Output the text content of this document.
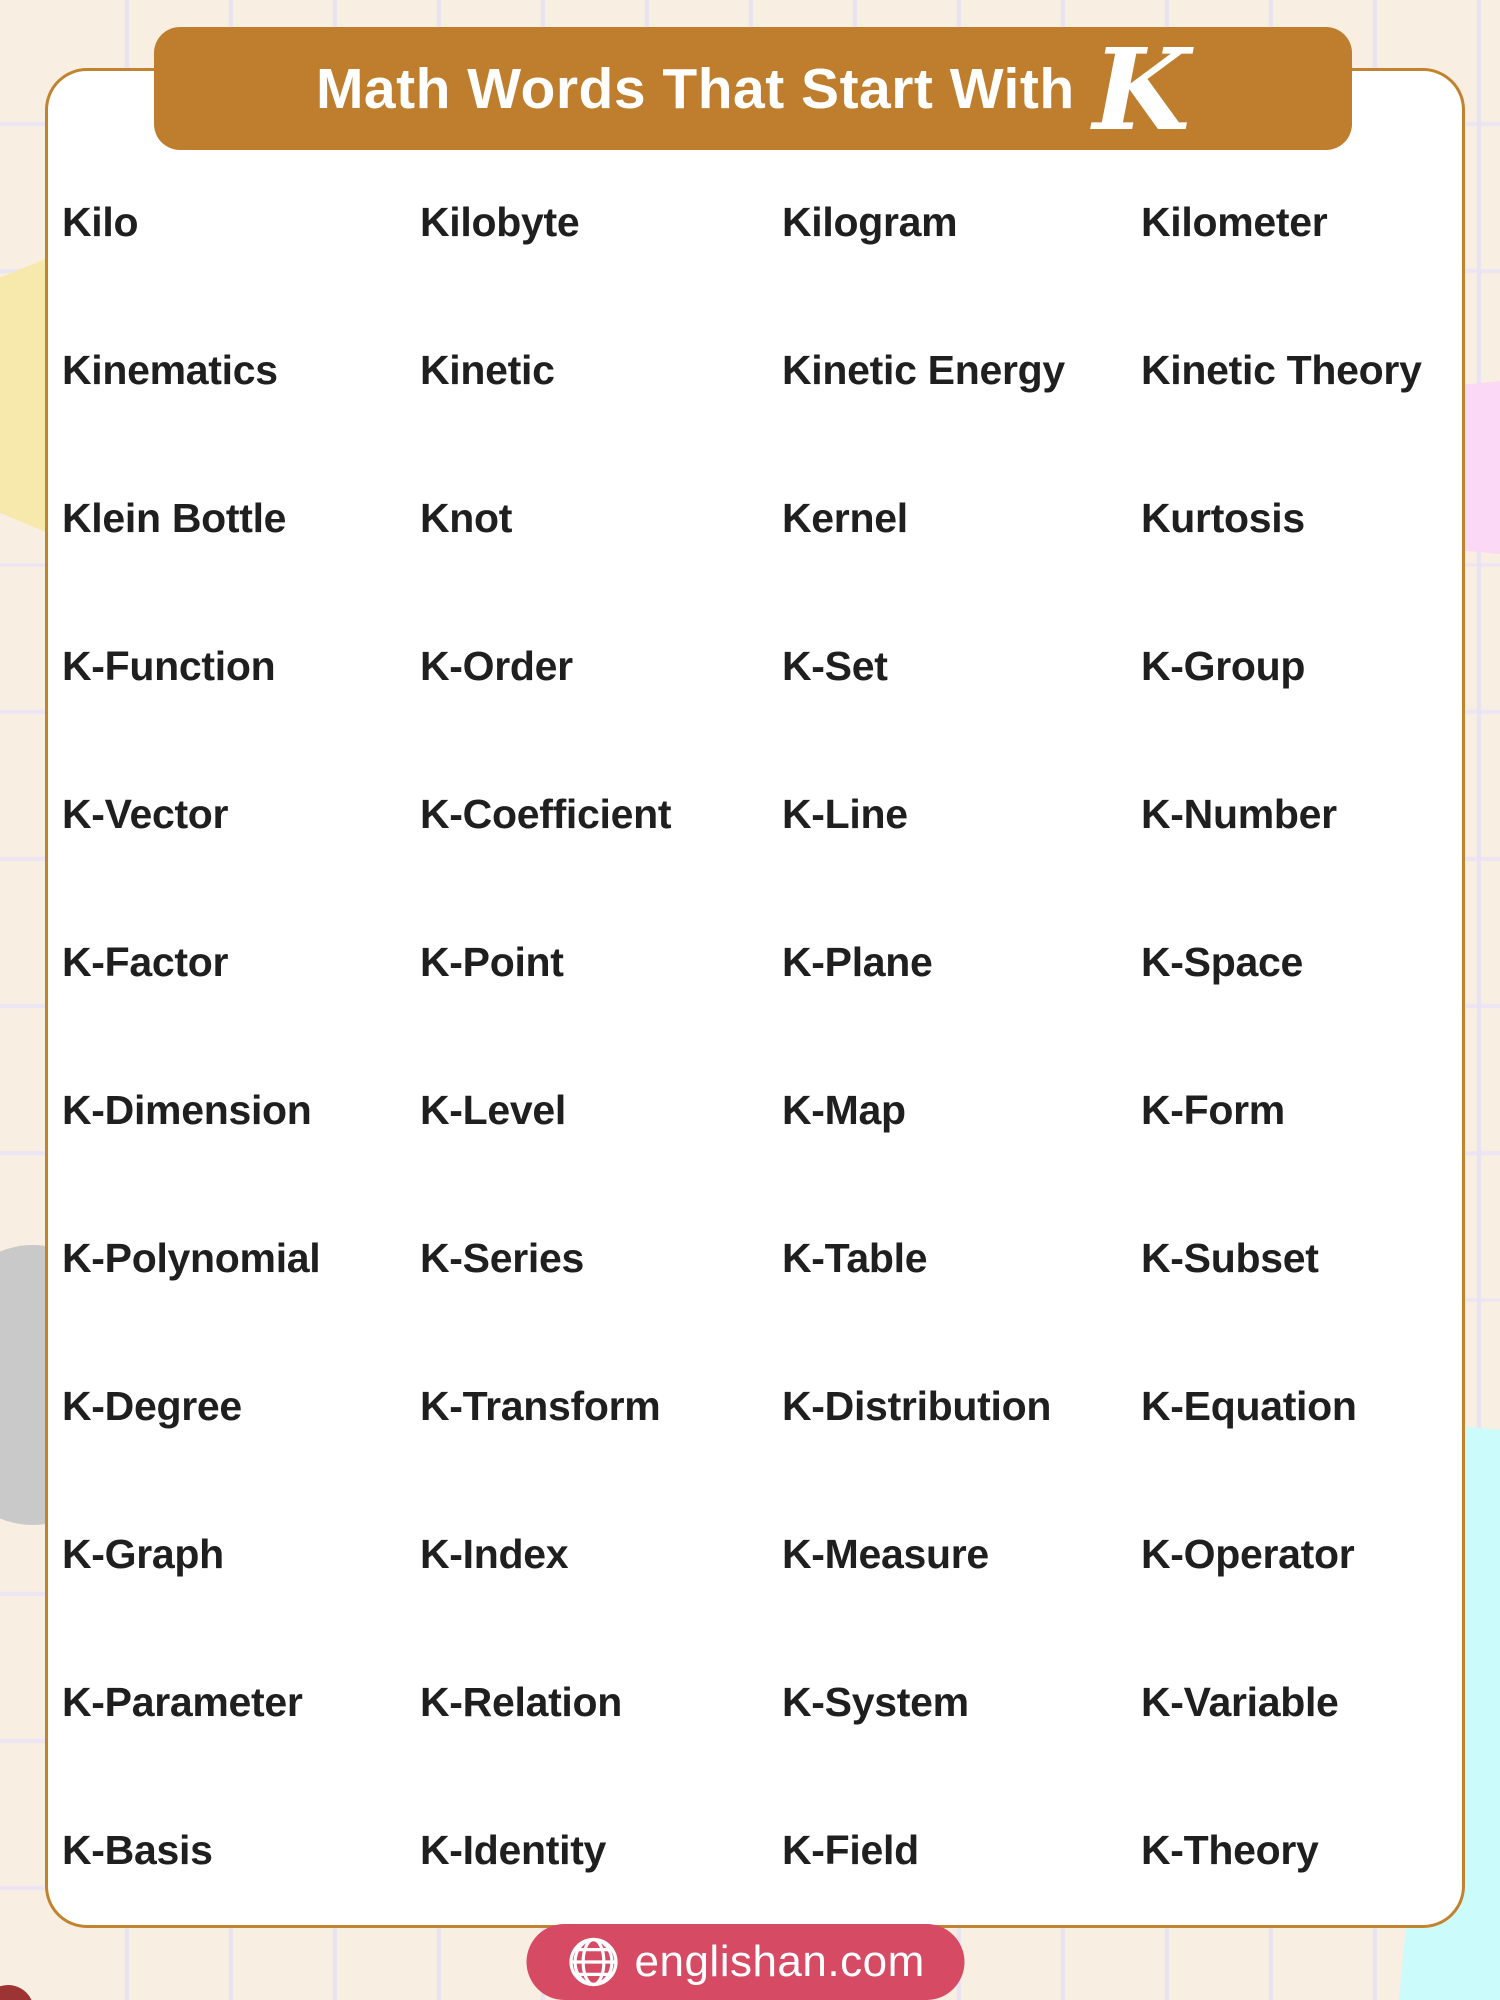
Math Words That Start With K
Kilo	Kilobyte	Kilogram	Kilometer
Kinematics	Kinetic	Kinetic Energy	Kinetic Theory
Klein Bottle	Knot	Kernel	Kurtosis
K-Function	K-Order	K-Set	K-Group
K-Vector	K-Coefficient	K-Line	K-Number
K-Factor	K-Point	K-Plane	K-Space
K-Dimension	K-Level	K-Map	K-Form
K-Polynomial	K-Series	K-Table	K-Subset
K-Degree	K-Transform	K-Distribution	K-Equation
K-Graph	K-Index	K-Measure	K-Operator
K-Parameter	K-Relation	K-System	K-Variable
K-Basis	K-Identity	K-Field	K-Theory
englishan.com
